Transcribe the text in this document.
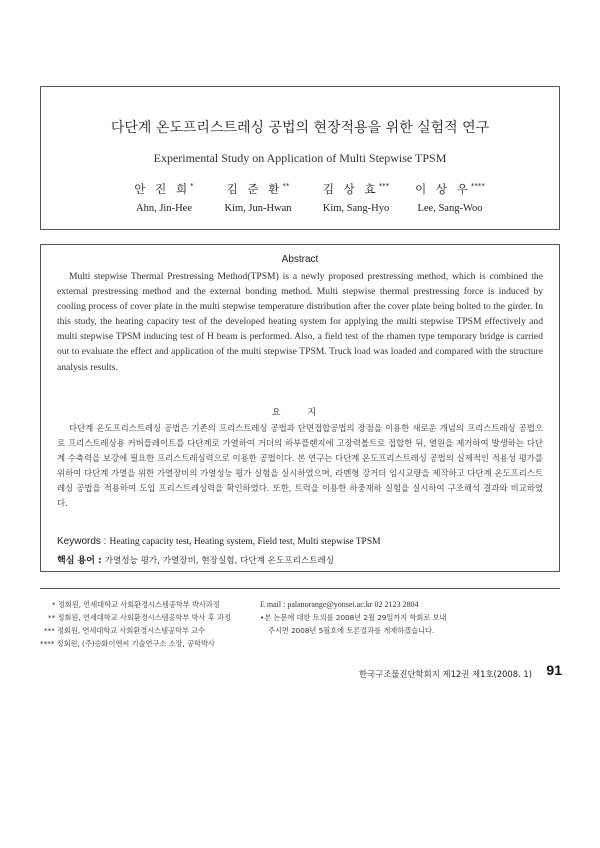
다단계 온도프리스트레싱 공법의 현장적용을 위한 실험적 연구
Experimental Study on Application of Multi Stepwise TPSM
안 진 희*
Ahn, Jin-Hee
김 준 환**
Kim, Jun-Hwan
김 상 효***
Kim, Sang-Hyo
이 상 우****
Lee, Sang-Woo
Abstract
Multi stepwise Thermal Prestressing Method(TPSM) is a newly proposed prestressing method, which is combined the external prestressing method and the external bonding method. Multi stepwise thermal prestressing force is induced by cooling process of cover plate in the multi stepwise temperature distribution after the cover plate being bolted to the girder. In this study, the heating capacity test of the developed heating system for applying the multi stepwise TPSM effectively and multi stepwise TPSM inducing test of H beam is performed. Also, a field test of the rhamen type temporary bridge is carried out to evaluate the effect and application of the multi stepwise TPSM. Truck load was loaded and compared with the structure analysis results.
요 지
다단계 온도프리스트레싱 공법은 기존의 프리스트레싱 공법과 단면접합공법의 장점을 이용한 새로운 개념의 프리스트레싱 공법으로 프리스트레싱용 커버플레이트를 다단계로 가열하여 거더의 하부플랜지에 고장력볼트로 접합한 뒤, 열원을 제거하여 발생하는 다단계 수축력을 보강에 필요한 프리스트레싱력으로 이용한 공법이다. 본 연구는 다단계 온도프리스트레싱 공법의 실제적인 적용성 평가를 위하여 다단계 가열을 위한 가열장비의 가열성능 평가 실험을 실시하였으며, 라멘형 강거더 임시교량을 제작하고 다단계 온도프리스트레싱 공법을 적용하여 도입 프리스트레싱력을 확인하였다. 또한, 트럭을 이용한 하중재하 실험을 실시하여 구조해석 결과와 비교하였다.
Keywords : Heating capacity test, Heating system, Field test, Multi stepwise TPSM
핵심 용어 : 가열성능 평가, 가열장비, 현장실험, 다단계 온도프리스트레싱
* 정회원, 연세대학교 사회환경시스템공학부 박사과정
** 정회원, 연세대학교 사회환경시스템공학부 박사 후 과정
*** 정회원, 연세대학교 사회환경시스템공학부 교수
**** 정회원, (주)승화이엔씨 기술연구소 소장, 공학박사
E mail : palanorange@yonsei.ac.kr 02 2123 2804
•본 논문에 대한 토의를 2008년 2월 29일까지 학회로 보내
주시면 2008년 5월호에 토론결과를 게재하겠습니다.
한국구조물진단학회지 제12권 제1호(2008. 1)	91
